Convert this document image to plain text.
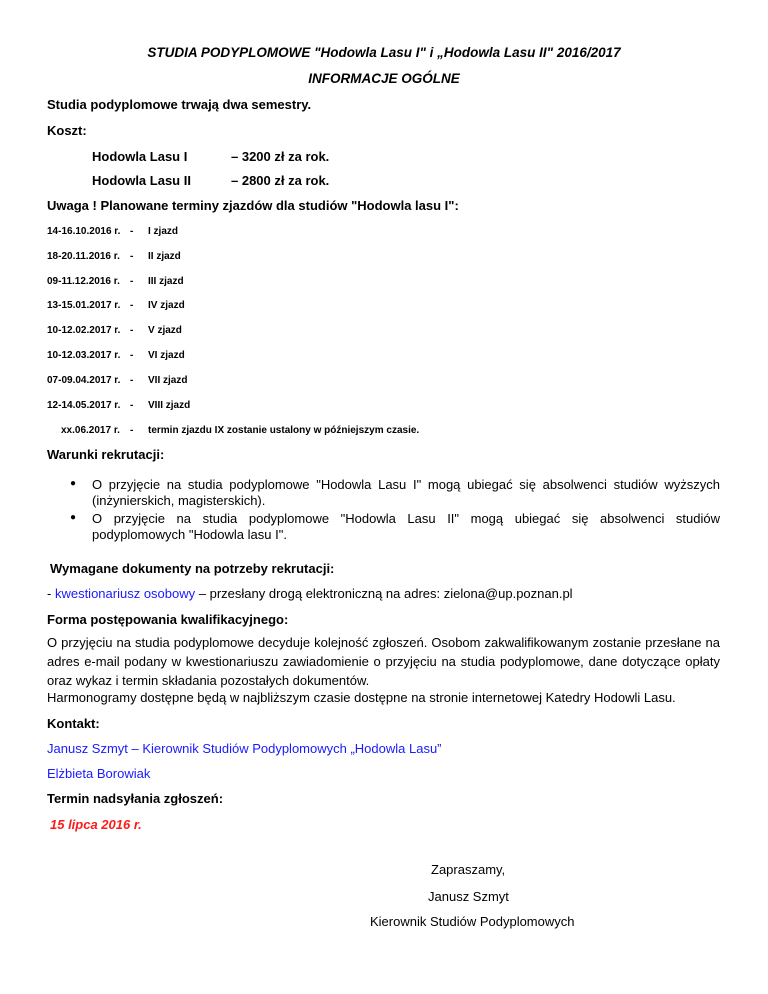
STUDIA PODYPLOMOWE "Hodowla Lasu I" i „Hodowla Lasu II" 2016/2017
INFORMACJE OGÓLNE
Studia podyplomowe trwają dwa semestry.
Koszt:
Hodowla Lasu I	– 3200 zł za rok.
Hodowla Lasu II	– 2800 zł za rok.
Uwaga ! Planowane terminy zjazdów dla studiów "Hodowla lasu I":
14-16.10.2016 r. - I zjazd
18-20.11.2016 r. - II zjazd
09-11.12.2016 r. - III zjazd
13-15.01.2017 r. - IV zjazd
10-12.02.2017 r. - V zjazd
10-12.03.2017 r. - VI zjazd
07-09.04.2017 r. - VII zjazd
12-14.05.2017 r. - VIII zjazd
xx.06.2017 r. - termin zjazdu IX zostanie ustalony w późniejszym czasie.
Warunki rekrutacji:
● O przyjęcie na studia podyplomowe "Hodowla Lasu I" mogą ubiegać się absolwenci studiów wyższych (inżynierskich, magisterskich).
● O przyjęcie na studia podyplomowe "Hodowla Lasu II" mogą ubiegać się absolwenci studiów podyplomowych "Hodowla lasu I".
Wymagane dokumenty na potrzeby rekrutacji:
- kwestionariusz osobowy – przesłany drogą elektroniczną na adres: zielona@up.poznan.pl
Forma postępowania kwalifikacyjnego:
O przyjęciu na studia podyplomowe decyduje kolejność zgłoszeń. Osobom zakwalifikowanym zostanie przesłane na adres e-mail podany w kwestionariuszu zawiadomienie o przyjęciu na studia podyplomowe, dane dotyczące opłaty oraz wykaz i termin składania pozostałych dokumentów.
Harmonogramy dostępne będą w najbliższym czasie dostępne na stronie internetowej Katedry Hodowli Lasu.
Kontakt:
Janusz Szmyt – Kierownik Studiów Podyplomowych „Hodowla Lasu”
Elżbieta Borowiak
Termin nadsyłania zgłoszeń:
15 lipca 2016 r.
Zapraszamy,
Janusz Szmyt
Kierownik Studiów Podyplomowych
